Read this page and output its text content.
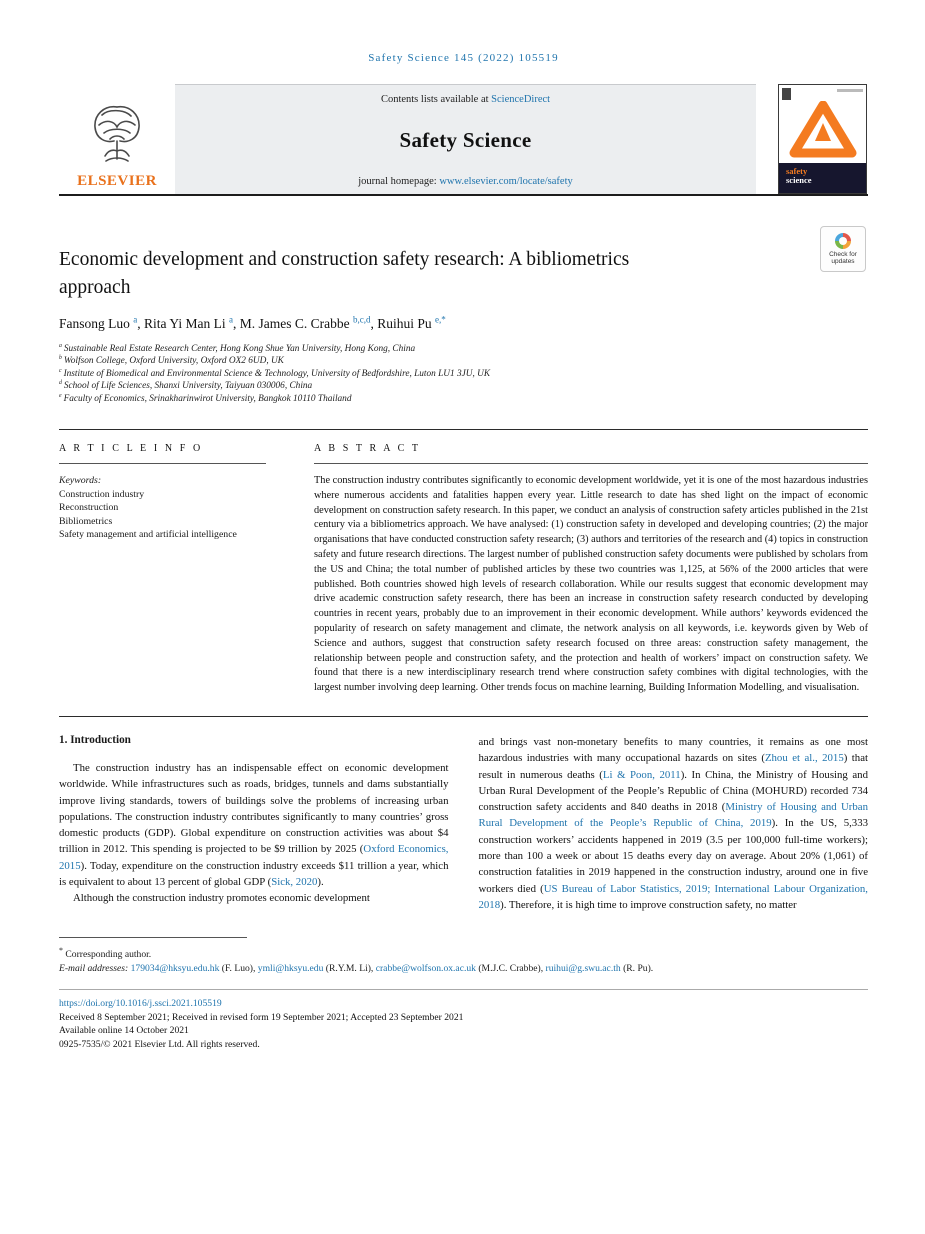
Safety Science 145 (2022) 105519
ELSEVIER
Contents lists available at ScienceDirect
Safety Science
journal homepage: www.elsevier.com/locate/safety
safety
science
Economic development and construction safety research: A bibliometrics approach
Check for
updates
Fansong Luo $^a$, Rita Yi Man Li $^a$, M. James C. Crabbe $^{b,c,d}$, Ruihui Pu $^{e,*}$
$^a$ Sustainable Real Estate Research Center, Hong Kong Shue Yan University, Hong Kong, China
$^b$ Wolfson College, Oxford University, Oxford OX2 6UD, UK
$^c$ Institute of Biomedical and Environmental Science & Technology, University of Bedfordshire, Luton LU1 3JU, UK
$^d$ School of Life Sciences, Shanxi University, Taiyuan 030006, China
$^e$ Faculty of Economics, Srinakharinwirot University, Bangkok 10110 Thailand
A R T I C L E I N F O
Keywords:
Construction industry
Reconstruction
Bibliometrics
Safety management and artificial intelligence
A B S T R A C T
The construction industry contributes significantly to economic development worldwide, yet it is one of the most hazardous industries where numerous accidents and fatalities happen every year. Little research to date has shed light on the impact of economic development on construction safety research. In this paper, we conduct an analysis of construction safety articles published in the 21st century via a bibliometrics approach. We have analysed: (1) construction safety in developed and developing countries; (2) the major organisations that have conducted construction safety research; (3) authors and territories of the research and (4) topics in construction safety and future research directions. The largest number of published construction safety documents were published by scholars from the US and China; the total number of published articles by these two countries was 1,125, at 56% of the 2000 articles that were published. Both countries showed high levels of research collaboration. While our results suggest that economic development may drive academic construction safety research, there has been an increase in construction safety research conducted by developing countries in recent years, probably due to an improvement in their economic development. While authors’ keywords evidenced the popularity of research on safety management and climate, the network analysis on all keywords, i.e. keywords given by Web of Science and authors, suggest that construction safety research focused on three areas: construction safety management, the relationship between people and construction safety, and the protection and health of workers’ impact on construction safety. We found that there is a new interdisciplinary research trend where construction safety combines with digital technologies, with the largest number involving deep learning. Other trends focus on machine learning, Building Information Modelling, and visualisation.
1. Introduction

The construction industry has an indispensable effect on economic development worldwide. While infrastructures such as roads, bridges, tunnels and dams substantially improve living standards, towers of buildings solve the problems of increasing urban populations. The construction industry contributes significantly to many countries’ gross domestic products (GDP). Global expenditure on construction activities was about $4 trillion in 2012. This spending is projected to be $9 trillion by 2025 (Oxford Economics, 2015). Today, expenditure on the construction industry exceeds $11 trillion a year, which is equivalent to about 13 percent of global GDP (Sick, 2020).

Although the construction industry promotes economic development

and brings vast non-monetary benefits to many countries, it remains as one most hazardous industries with many occupational hazards on sites (Zhou et al., 2015) that result in numerous deaths (Li & Poon, 2011). In China, the Ministry of Housing and Urban Rural Development of the People’s Republic of China (MOHURD) recorded 734 construction safety accidents and 840 deaths in 2018 (Ministry of Housing and Urban Rural Development of the People’s Republic of China, 2019). In the US, 5,333 construction workers’ accidents happened in 2019 (3.5 per 100,000 full-time workers); more than 100 a week or about 15 deaths every day on average. About 20% (1,061) of construction fatalities in 2019 happened in the construction industry, around one in five workers died (US Bureau of Labor Statistics, 2019; International Labour Organization, 2018). Therefore, it is high time to improve construction safety, no matter

* Corresponding author.
E-mail addresses: 179034@hksyu.edu.hk (F. Luo), ymli@hksyu.edu (R.Y.M. Li), crabbe@wolfson.ox.ac.uk (M.J.C. Crabbe), ruihui@g.swu.ac.th (R. Pu).
https://doi.org/10.1016/j.ssci.2021.105519
Received 8 September 2021; Received in revised form 19 September 2021; Accepted 23 September 2021
Available online 14 October 2021
0925-7535/© 2021 Elsevier Ltd. All rights reserved.
